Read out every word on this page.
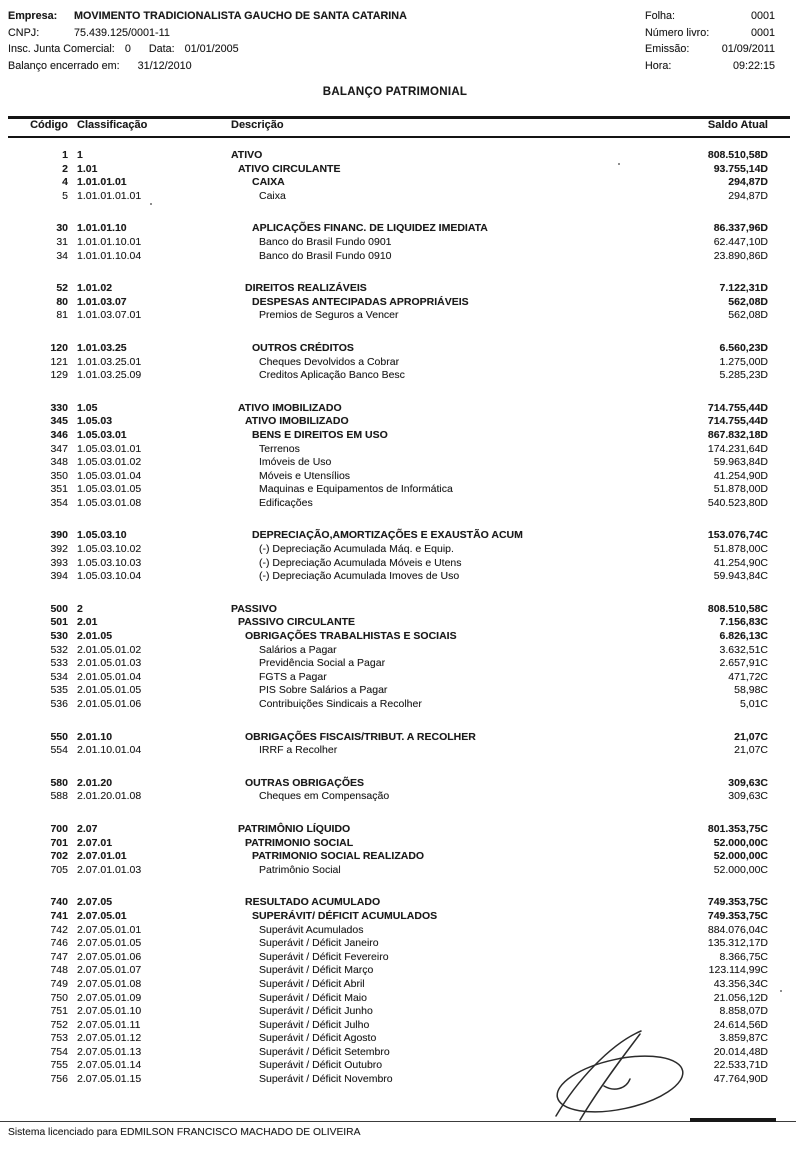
Empresa:	MOVIMENTO TRADICIONALISTA GAUCHO DE SANTA CATARINA
CNPJ:	75.439.125/0001-11
Insc. Junta Comercial: 0 Data: 01/01/2005
Balanço encerrado em: 31/12/2010
Folha:	0001
Número livro:	0001
Emissão:	01/09/2011
Hora:	09:22:15
BALANÇO PATRIMONIAL
Código Classificação	Descrição	Saldo Atual
1 1	ATIVO	808.510,58D
2 1.01	ATIVO CIRCULANTE	93.755,14D
4 1.01.01.01	CAIXA	294,87D
5 1.01.01.01.01	Caixa	294,87D
30 1.01.01.10	APLICAÇÕES FINANC. DE LIQUIDEZ IMEDIATA	86.337,96D
31 1.01.01.10.01	Banco do Brasil Fundo 0901	62.447,10D
34 1.01.01.10.04	Banco do Brasil Fundo 0910	23.890,86D
52 1.01.02	DIREITOS REALIZÁVEIS	7.122,31D
80 1.01.03.07	DESPESAS ANTECIPADAS APROPRIÁVEIS	562,08D
81 1.01.03.07.01	Premios de Seguros a Vencer	562,08D
120 1.01.03.25	OUTROS CRÉDITOS	6.560,23D
121 1.01.03.25.01	Cheques Devolvidos a Cobrar	1.275,00D
129 1.01.03.25.09	Creditos Aplicação Banco Besc	5.285,23D
330 1.05	ATIVO IMOBILIZADO	714.755,44D
345 1.05.03	ATIVO IMOBILIZADO	714.755,44D
346 1.05.03.01	BENS E DIREITOS EM USO	867.832,18D
347 1.05.03.01.01	Terrenos	174.231,64D
348 1.05.03.01.02	Imóveis de Uso	59.963,84D
350 1.05.03.01.04	Móveis e Utensílios	41.254,90D
351 1.05.03.01.05	Maquinas e Equipamentos de Informática	51.878,00D
354 1.05.03.01.08	Edificações	540.523,80D
390 1.05.03.10	DEPRECIAÇÃO,AMORTIZAÇÕES E EXAUSTÃO ACUM	153.076,74C
392 1.05.03.10.02	(-) Depreciação Acumulada Máq. e Equip.	51.878,00C
393 1.05.03.10.03	(-) Depreciação Acumulada Móveis e Utens	41.254,90C
394 1.05.03.10.04	(-) Depreciação Acumulada Imoves de Uso	59.943,84C
500 2	PASSIVO	808.510,58C
501 2.01	PASSIVO CIRCULANTE	7.156,83C
530 2.01.05	OBRIGAÇÕES TRABALHISTAS E SOCIAIS	6.826,13C
532 2.01.05.01.02	Salários a Pagar	3.632,51C
533 2.01.05.01.03	Previdência Social a Pagar	2.657,91C
534 2.01.05.01.04	FGTS a Pagar	471,72C
535 2.01.05.01.05	PIS Sobre Salários a Pagar	58,98C
536 2.01.05.01.06	Contribuições Sindicais a Recolher	5,01C
550 2.01.10	OBRIGAÇÕES FISCAIS/TRIBUT. A RECOLHER	21,07C
554 2.01.10.01.04	IRRF a Recolher	21,07C
580 2.01.20	OUTRAS OBRIGAÇÕES	309,63C
588 2.01.20.01.08	Cheques em Compensação	309,63C
700 2.07	PATRIMÔNIO LÍQUIDO	801.353,75C
701 2.07.01	PATRIMONIO SOCIAL	52.000,00C
702 2.07.01.01	PATRIMONIO SOCIAL REALIZADO	52.000,00C
705 2.07.01.01.03	Patrimônio Social	52.000,00C
740 2.07.05	RESULTADO ACUMULADO	749.353,75C
741 2.07.05.01	SUPERÁVIT/ DÉFICIT ACUMULADOS	749.353,75C
742 2.07.05.01.01	Superávit Acumulados	884.076,04C
746 2.07.05.01.05	Superávit / Déficit Janeiro	135.312,17D
747 2.07.05.01.06	Superávit / Déficit Fevereiro	8.366,75C
748 2.07.05.01.07	Superávit / Déficit Março	123.114,99C
749 2.07.05.01.08	Superávit / Déficit Abril	43.356,34C
750 2.07.05.01.09	Superávit / Déficit Maio	21.056,12D
751 2.07.05.01.10	Superávit / Déficit Junho	8.858,07D
752 2.07.05.01.11	Superávit / Déficit Julho	24.614,56D
753 2.07.05.01.12	Superávit / Déficit Agosto	3.859,87C
754 2.07.05.01.13	Superávit / Déficit Setembro	20.014,48D
755 2.07.05.01.14	Superávit / Déficit Outubro	22.533,71D
756 2.07.05.01.15	Superávit / Déficit Novembro	47.764,90D
Sistema licenciado para EDMILSON FRANCISCO MACHADO DE OLIVEIRA
